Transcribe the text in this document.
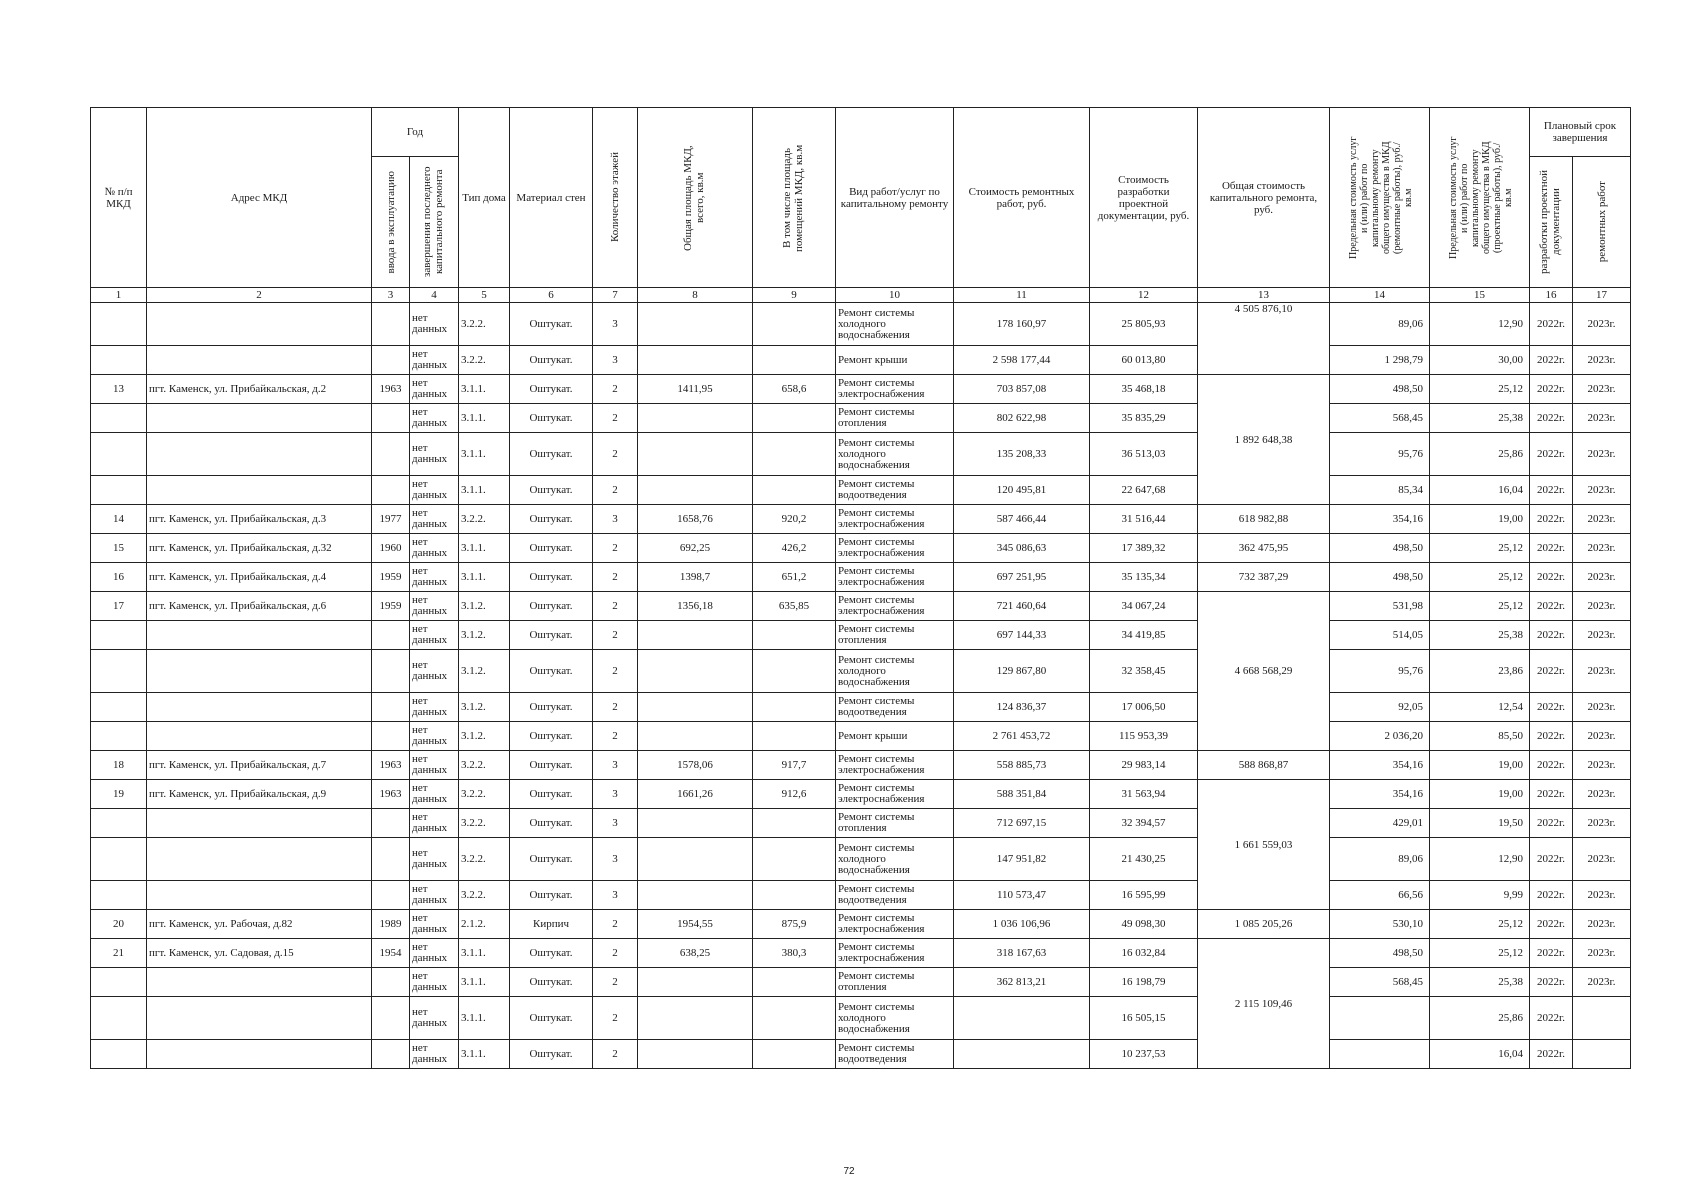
№ п/п МКД	Адрес МКД	Год		Тип дома	Материал стен	Количество этажей	Общая площадь МКД, всего, кв.м	В том числе площадь помещений МКД, кв.м	Вид работ/услуг по капитальному ремонту	Стоимость ремонтных работ, руб.	Стоимость разработки проектной документации, руб.	Общая стоимость капитального ремонта, руб.	Предельная стоимость услуг и (или) работ по капитальному ремонту общего имущества в МКД (ремонтные работы), руб./кв.м	Предельная стоимость услуг и (или) работ по капитальному ремонту общего имущества в МКД (проектные работы), руб./кв.м	Плановый срок завершения	

		ввода в эксплуатацию	завершения последнего капитального ремонта												разработки проектной документации	ремонтных работ

1	2	3	4	5	6	7	8	9	10	11	12	13	14	15	16	17
			нет данных	3.2.2.	Оштукат.	3			Ремонт системы холодного водоснабжения	178 160,97	25 805,93	4 505 876,10	89,06	12,90	2022г.	2023г.
			нет данных	3.2.2.	Оштукат.	3			Ремонт крыши	2 598 177,44	60 013,80		1 298,79	30,00	2022г.	2023г.
13	пгт. Каменск, ул. Прибайкальская, д.2	1963	нет данных	3.1.1.	Оштукат.	2	1411,95	658,6	Ремонт системы электроснабжения	703 857,08	35 468,18	1 892 648,38	498,50	25,12	2022г.	2023г.
			нет данных	3.1.1.	Оштукат.	2			Ремонт системы отопления	802 622,98	35 835,29		568,45	25,38	2022г.	2023г.
			нет данных	3.1.1.	Оштукат.	2			Ремонт системы холодного водоснабжения	135 208,33	36 513,03		95,76	25,86	2022г.	2023г.
			нет данных	3.1.1.	Оштукат.	2			Ремонт системы водоотведения	120 495,81	22 647,68		85,34	16,04	2022г.	2023г.
14	пгт. Каменск, ул. Прибайкальская, д.3	1977	нет данных	3.2.2.	Оштукат.	3	1658,76	920,2	Ремонт системы электроснабжения	587 466,44	31 516,44	618 982,88	354,16	19,00	2022г.	2023г.
15	пгт. Каменск, ул. Прибайкальская, д.32	1960	нет данных	3.1.1.	Оштукат.	2	692,25	426,2	Ремонт системы электроснабжения	345 086,63	17 389,32	362 475,95	498,50	25,12	2022г.	2023г.
16	пгт. Каменск, ул. Прибайкальская, д.4	1959	нет данных	3.1.1.	Оштукат.	2	1398,7	651,2	Ремонт системы электроснабжения	697 251,95	35 135,34	732 387,29	498,50	25,12	2022г.	2023г.
17	пгт. Каменск, ул. Прибайкальская, д.6	1959	нет данных	3.1.2.	Оштукат.	2	1356,18	635,85	Ремонт системы электроснабжения	721 460,64	34 067,24	4 668 568,29	531,98	25,12	2022г.	2023г.
			нет данных	3.1.2.	Оштукат.	2			Ремонт системы отопления	697 144,33	34 419,85		514,05	25,38	2022г.	2023г.
			нет данных	3.1.2.	Оштукат.	2			Ремонт системы холодного водоснабжения	129 867,80	32 358,45		95,76	23,86	2022г.	2023г.
			нет данных	3.1.2.	Оштукат.	2			Ремонт системы водоотведения	124 836,37	17 006,50		92,05	12,54	2022г.	2023г.
			нет данных	3.1.2.	Оштукат.	2			Ремонт крыши	2 761 453,72	115 953,39		2 036,20	85,50	2022г.	2023г.
18	пгт. Каменск, ул. Прибайкальская, д.7	1963	нет данных	3.2.2.	Оштукат.	3	1578,06	917,7	Ремонт системы электроснабжения	558 885,73	29 983,14	588 868,87	354,16	19,00	2022г.	2023г.
19	пгт. Каменск, ул. Прибайкальская, д.9	1963	нет данных	3.2.2.	Оштукат.	3	1661,26	912,6	Ремонт системы электроснабжения	588 351,84	31 563,94	1 661 559,03	354,16	19,00	2022г.	2023г.
			нет данных	3.2.2.	Оштукат.	3			Ремонт системы отопления	712 697,15	32 394,57		429,01	19,50	2022г.	2023г.
			нет данных	3.2.2.	Оштукат.	3			Ремонт системы холодного водоснабжения	147 951,82	21 430,25		89,06	12,90	2022г.	2023г.
			нет данных	3.2.2.	Оштукат.	3			Ремонт системы водоотведения	110 573,47	16 595,99		66,56	9,99	2022г.	2023г.
20	пгт. Каменск, ул. Рабочая, д.82	1989	нет данных	2.1.2.	Кирпич	2	1954,55	875,9	Ремонт системы электроснабжения	1 036 106,96	49 098,30	1 085 205,26	530,10	25,12	2022г.	2023г.
21	пгт. Каменск, ул. Садовая, д.15	1954	нет данных	3.1.1.	Оштукат.	2	638,25	380,3	Ремонт системы электроснабжения	318 167,63	16 032,84	2 115 109,46	498,50	25,12	2022г.	2023г.
			нет данных	3.1.1.	Оштукат.	2			Ремонт системы отопления	362 813,21	16 198,79		568,45	25,38	2022г.	2023г.
			нет данных	3.1.1.	Оштукат.	2			Ремонт системы холодного водоснабжения		16 505,15			25,86	2022г.	
			нет данных	3.1.1.	Оштукат.	2			Ремонт системы водоотведения		10 237,53			16,04	2022г.	
72
